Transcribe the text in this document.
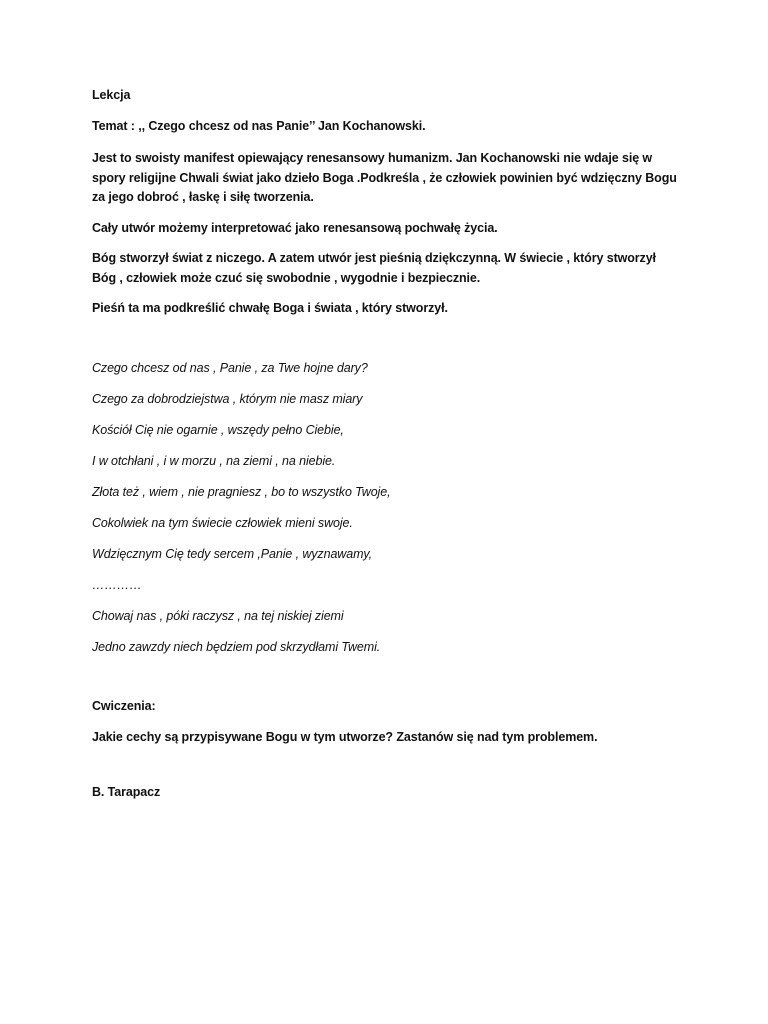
Lekcja

Temat : ,, Czego chcesz od nas Panie’’ Jan Kochanowski.

Jest to swoisty manifest opiewający renesansowy humanizm. Jan Kochanowski nie wdaje się w spory religijne Chwali świat jako dzieło Boga .Podkreśla , że człowiek powinien być wdzięczny Bogu za jego dobroć , łaskę i siłę tworzenia.

Cały utwór możemy interpretować jako renesansową pochwałę życia.

Bóg stworzył świat z niczego. A zatem utwór jest pieśnią dziękczynną. W świecie , który stworzył Bóg , człowiek może czuć się swobodnie , wygodnie i bezpiecznie.

Pieśń ta ma podkreślić chwałę Boga i świata , który stworzył.

Czego chcesz od nas , Panie , za Twe hojne dary?

Czego za dobrodziejstwa , którym nie masz miary

Kościół Cię nie ogarnie , wszędy pełno Ciebie,

I w otchłani , i w morzu , na ziemi , na niebie.

Złota też , wiem , nie pragniesz , bo to wszystko Twoje,

Cokolwiek na tym świecie człowiek mieni swoje.

Wdzięcznym Cię tedy sercem ,Panie , wyznawamy,

…………

Chowaj nas , póki raczysz , na tej niskiej ziemi

Jedno zawzdy niech będziem pod skrzydłami Twemi.

Cwiczenia:

Jakie cechy są przypisywane Bogu w tym utworze? Zastanów się nad tym problemem.

B. Tarapacz
